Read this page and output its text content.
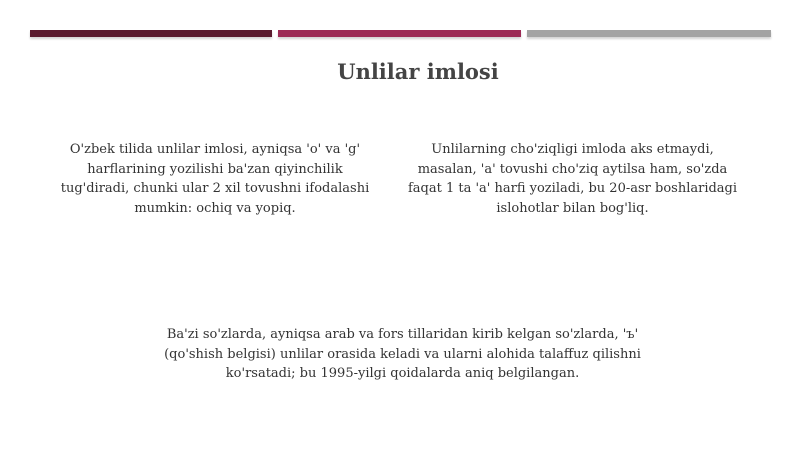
Unlilar imlosi

O'zbek tilida unlilar imlosi, ayniqsa 'o' va 'g' harflarining yozilishi ba'zan qiyinchilik tug'diradi, chunki ular 2 xil tovushni ifodalashi mumkin: ochiq va yopiq.

Unlilarning cho'ziqligi imloda aks etmaydi, masalan, 'a' tovushi cho'ziq aytilsa ham, so'zda faqat 1 ta 'a' harfi yoziladi, bu 20-asr boshlaridagi islohotlar bilan bog'liq.

Ba'zi so'zlarda, ayniqsa arab va fors tillaridan kirib kelgan so'zlarda, 'ъ' (qo'shish belgisi) unlilar orasida keladi va ularni alohida talaffuz qilishni ko'rsatadi; bu 1995-yilgi qoidalarda aniq belgilangan.
